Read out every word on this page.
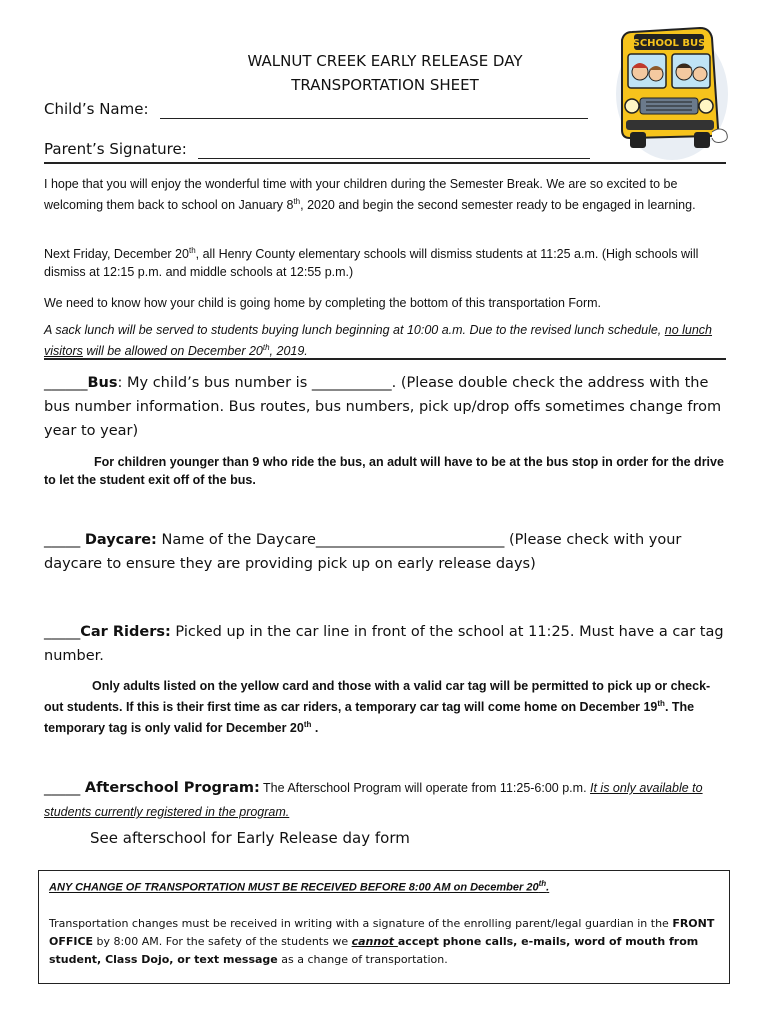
WALNUT CREEK EARLY RELEASE DAY
TRANSPORTATION SHEET
Child’s Name:
Parent’s Signature:
SCHOOL BUS
I hope that you will enjoy the wonderful time with your children during the Semester Break. We are so excited to be welcoming them back to school on January 8th, 2020 and begin the second semester ready to be engaged in learning.
Next Friday, December 20th, all Henry County elementary schools will dismiss students at 11:25 a.m. (High schools will dismiss at 12:15 p.m. and middle schools at 12:55 p.m.)
We need to know how your child is going home by completing the bottom of this transportation Form.
A sack lunch will be served to students buying lunch beginning at 10:00 a.m. Due to the revised lunch schedule, no lunch visitors will be allowed on December 20th, 2019.
______Bus: My child’s bus number is ___________. (Please double check the address with the bus number information. Bus routes, bus numbers, pick up/drop offs sometimes change from year to year)
For children younger than 9 who ride the bus, an adult will have to be at the bus stop in order for the drive to let the student exit off of the bus.
_____ Daycare: Name of the Daycare__________________________ (Please check with your daycare to ensure they are providing pick up on early release days)
_____Car Riders: Picked up in the car line in front of the school at 11:25. Must have a car tag number.
Only adults listed on the yellow card and those with a valid car tag will be permitted to pick up or check-out students. If this is their first time as car riders, a temporary car tag will come home on December 19th. The temporary tag is only valid for December 20th .
_____ Afterschool Program: The Afterschool Program will operate from 11:25-6:00 p.m. It is only available to students currently registered in the program.
See afterschool for Early Release day form
ANY CHANGE OF TRANSPORTATION MUST BE RECEIVED BEFORE 8:00 AM on December 20th.
Transportation changes must be received in writing with a signature of the enrolling parent/legal guardian in the FRONT OFFICE by 8:00 AM. For the safety of the students we cannot accept phone calls, e-mails, word of mouth from student, Class Dojo, or text message as a change of transportation.
